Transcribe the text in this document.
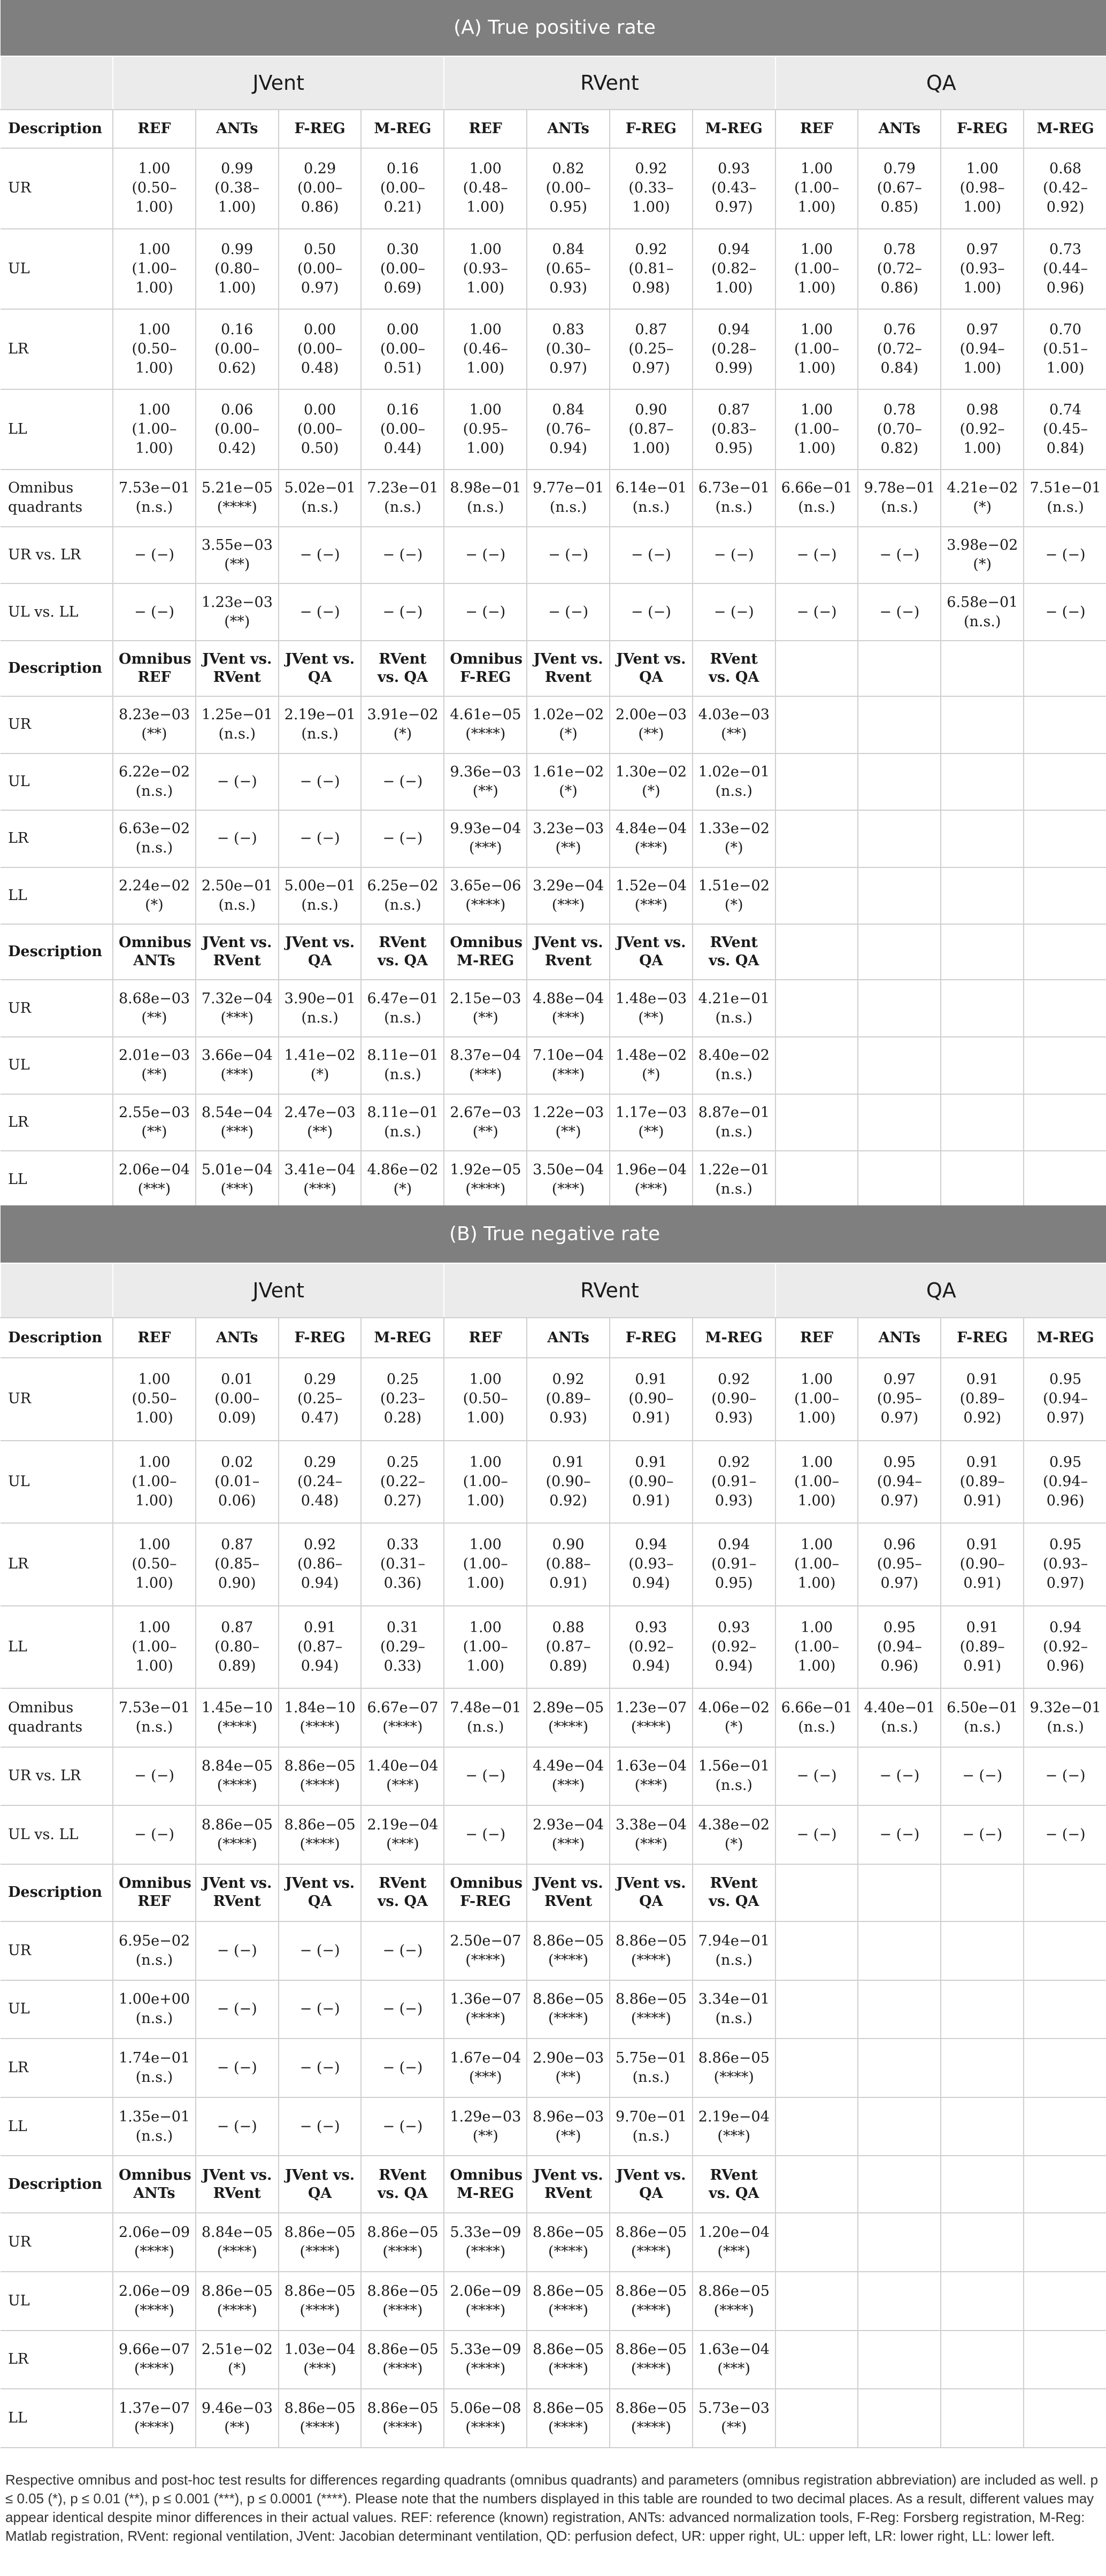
(A) True positive rate												
	JVent				RVent				QA			
Description	REF	ANTs	F-REG	M-REG	REF	ANTs	F-REG	M-REG	REF	ANTs	F-REG	M-REG
UR	1.00
(0.50–
1.00)	0.99
(0.38–
1.00)	0.29
(0.00–
0.86)	0.16
(0.00–
0.21)	1.00
(0.48–
1.00)	0.82
(0.00–
0.95)	0.92
(0.33–
1.00)	0.93
(0.43–
0.97)	1.00
(1.00–
1.00)	0.79
(0.67–
0.85)	1.00
(0.98–
1.00)	0.68
(0.42–
0.92)
UL	1.00
(1.00–
1.00)	0.99
(0.80–
1.00)	0.50
(0.00–
0.97)	0.30
(0.00–
0.69)	1.00
(0.93–
1.00)	0.84
(0.65–
0.93)	0.92
(0.81–
0.98)	0.94
(0.82–
1.00)	1.00
(1.00–
1.00)	0.78
(0.72–
0.86)	0.97
(0.93–
1.00)	0.73
(0.44–
0.96)
LR	1.00
(0.50–
1.00)	0.16
(0.00–
0.62)	0.00
(0.00–
0.48)	0.00
(0.00–
0.51)	1.00
(0.46–
1.00)	0.83
(0.30–
0.97)	0.87
(0.25–
0.97)	0.94
(0.28–
0.99)	1.00
(1.00–
1.00)	0.76
(0.72–
0.84)	0.97
(0.94–
1.00)	0.70
(0.51–
1.00)
LL	1.00
(1.00–
1.00)	0.06
(0.00–
0.42)	0.00
(0.00–
0.50)	0.16
(0.00–
0.44)	1.00
(0.95–
1.00)	0.84
(0.76–
0.94)	0.90
(0.87–
1.00)	0.87
(0.83–
0.95)	1.00
(1.00–
1.00)	0.78
(0.70–
0.82)	0.98
(0.92–
1.00)	0.74
(0.45–
0.84)
Omnibus quadrants	7.53e−01
(n.s.)	5.21e−05
(****)	5.02e−01
(n.s.)	7.23e−01
(n.s.)	8.98e−01
(n.s.)	9.77e−01
(n.s.)	6.14e−01
(n.s.)	6.73e−01
(n.s.)	6.66e−01
(n.s.)	9.78e−01
(n.s.)	4.21e−02
(*)	7.51e−01
(n.s.)
UR vs. LR	− (−)	3.55e−03
(**)	− (−)	− (−)	− (−)	− (−)	− (−)	− (−)	− (−)	− (−)	3.98e−02
(*)	− (−)
UL vs. LL	− (−)	1.23e−03
(**)	− (−)	− (−)	− (−)	− (−)	− (−)	− (−)	− (−)	− (−)	6.58e−01
(n.s.)	− (−)
Description	Omnibus REF	JVent vs. RVent	JVent vs. QA	RVent vs. QA	Omnibus F-REG	JVent vs. Rvent	JVent vs. QA	RVent vs. QA				
UR	8.23e−03
(**)	1.25e−01
(n.s.)	2.19e−01
(n.s.)	3.91e−02
(*)	4.61e−05
(****)	1.02e−02
(*)	2.00e−03
(**)	4.03e−03
(**)				
UL	6.22e−02
(n.s.)	− (−)	− (−)	− (−)	9.36e−03
(**)	1.61e−02
(*)	1.30e−02
(*)	1.02e−01
(n.s.)				
LR	6.63e−02
(n.s.)	− (−)	− (−)	− (−)	9.93e−04
(***)	3.23e−03
(**)	4.84e−04
(***)	1.33e−02
(*)				
LL	2.24e−02
(*)	2.50e−01
(n.s.)	5.00e−01
(n.s.)	6.25e−02
(n.s.)	3.65e−06
(****)	3.29e−04
(***)	1.52e−04
(***)	1.51e−02
(*)				
Description	Omnibus ANTs	JVent vs. RVent	JVent vs. QA	RVent vs. QA	Omnibus M-REG	JVent vs. Rvent	JVent vs. QA	RVent vs. QA				
UR	8.68e−03
(**)	7.32e−04
(***)	3.90e−01
(n.s.)	6.47e−01
(n.s.)	2.15e−03
(**)	4.88e−04
(***)	1.48e−03
(**)	4.21e−01
(n.s.)				
UL	2.01e−03
(**)	3.66e−04
(***)	1.41e−02
(*)	8.11e−01
(n.s.)	8.37e−04
(***)	7.10e−04
(***)	1.48e−02
(*)	8.40e−02
(n.s.)				
LR	2.55e−03
(**)	8.54e−04
(***)	2.47e−03
(**)	8.11e−01
(n.s.)	2.67e−03
(**)	1.22e−03
(**)	1.17e−03
(**)	8.87e−01
(n.s.)				
LL	2.06e−04
(***)	5.01e−04
(***)	3.41e−04
(***)	4.86e−02
(*)	1.92e−05
(****)	3.50e−04
(***)	1.96e−04
(***)	1.22e−01
(n.s.)				
(B) True negative rate												
	JVent				RVent				QA			
Description	REF	ANTs	F-REG	M-REG	REF	ANTs	F-REG	M-REG	REF	ANTs	F-REG	M-REG
UR	1.00
(0.50–
1.00)	0.01
(0.00–
0.09)	0.29
(0.25–
0.47)	0.25
(0.23–
0.28)	1.00
(0.50–
1.00)	0.92
(0.89–
0.93)	0.91
(0.90–
0.91)	0.92
(0.90–
0.93)	1.00
(1.00–
1.00)	0.97
(0.95–
0.97)	0.91
(0.89–
0.92)	0.95
(0.94–
0.97)
UL	1.00
(1.00–
1.00)	0.02
(0.01–
0.06)	0.29
(0.24–
0.48)	0.25
(0.22–
0.27)	1.00
(1.00–
1.00)	0.91
(0.90–
0.92)	0.91
(0.90–
0.91)	0.92
(0.91–
0.93)	1.00
(1.00–
1.00)	0.95
(0.94–
0.97)	0.91
(0.89–
0.91)	0.95
(0.94–
0.96)
LR	1.00
(0.50–
1.00)	0.87
(0.85–
0.90)	0.92
(0.86–
0.94)	0.33
(0.31–
0.36)	1.00
(1.00–
1.00)	0.90
(0.88–
0.91)	0.94
(0.93–
0.94)	0.94
(0.91–
0.95)	1.00
(1.00–
1.00)	0.96
(0.95–
0.97)	0.91
(0.90–
0.91)	0.95
(0.93–
0.97)
LL	1.00
(1.00–
1.00)	0.87
(0.80–
0.89)	0.91
(0.87–
0.94)	0.31
(0.29–
0.33)	1.00
(1.00–
1.00)	0.88
(0.87–
0.89)	0.93
(0.92–
0.94)	0.93
(0.92–
0.94)	1.00
(1.00–
1.00)	0.95
(0.94–
0.96)	0.91
(0.89–
0.91)	0.94
(0.92–
0.96)
Omnibus quadrants	7.53e−01
(n.s.)	1.45e−10
(****)	1.84e−10
(****)	6.67e−07
(****)	7.48e−01
(n.s.)	2.89e−05
(****)	1.23e−07
(****)	4.06e−02
(*)	6.66e−01
(n.s.)	4.40e−01
(n.s.)	6.50e−01
(n.s.)	9.32e−01
(n.s.)
UR vs. LR	− (−)	8.84e−05
(****)	8.86e−05
(****)	1.40e−04
(***)	− (−)	4.49e−04
(***)	1.63e−04
(***)	1.56e−01
(n.s.)	− (−)	− (−)	− (−)	− (−)
UL vs. LL	− (−)	8.86e−05
(****)	8.86e−05
(****)	2.19e−04
(***)	− (−)	2.93e−04
(***)	3.38e−04
(***)	4.38e−02
(*)	− (−)	− (−)	− (−)	− (−)
Description	Omnibus REF	JVent vs. RVent	JVent vs. QA	RVent vs. QA	Omnibus F-REG	JVent vs. RVent	JVent vs. QA	RVent vs. QA				
UR	6.95e−02
(n.s.)	− (−)	− (−)	− (−)	2.50e−07
(****)	8.86e−05
(****)	8.86e−05
(****)	7.94e−01
(n.s.)				
UL	1.00e+00
(n.s.)	− (−)	− (−)	− (−)	1.36e−07
(****)	8.86e−05
(****)	8.86e−05
(****)	3.34e−01
(n.s.)				
LR	1.74e−01
(n.s.)	− (−)	− (−)	− (−)	1.67e−04
(***)	2.90e−03
(**)	5.75e−01
(n.s.)	8.86e−05
(****)				
LL	1.35e−01
(n.s.)	− (−)	− (−)	− (−)	1.29e−03
(**)	8.96e−03
(**)	9.70e−01
(n.s.)	2.19e−04
(***)				
Description	Omnibus ANTs	JVent vs. RVent	JVent vs. QA	RVent vs. QA	Omnibus M-REG	JVent vs. RVent	JVent vs. QA	RVent vs. QA				
UR	2.06e−09
(****)	8.84e−05
(****)	8.86e−05
(****)	8.86e−05
(****)	5.33e−09
(****)	8.86e−05
(****)	8.86e−05
(****)	1.20e−04
(***)				
UL	2.06e−09
(****)	8.86e−05
(****)	8.86e−05
(****)	8.86e−05
(****)	2.06e−09
(****)	8.86e−05
(****)	8.86e−05
(****)	8.86e−05
(****)				
LR	9.66e−07
(****)	2.51e−02
(*)	1.03e−04
(***)	8.86e−05
(****)	5.33e−09
(****)	8.86e−05
(****)	8.86e−05
(****)	1.63e−04
(***)				
LL	1.37e−07
(****)	9.46e−03
(**)	8.86e−05
(****)	8.86e−05
(****)	5.06e−08
(****)	8.86e−05
(****)	8.86e−05
(****)	5.73e−03
(**)				

Respective omnibus and post-hoc test results for differences regarding quadrants (omnibus quadrants) and parameters (omnibus registration abbreviation) are included as well. p ≤ 0.05 (*), p ≤ 0.01 (**), p ≤ 0.001 (***), p ≤ 0.0001 (****). Please note that the numbers displayed in this table are rounded to two decimal places. As a result, different values may appear identical despite minor differences in their actual values. REF: reference (known) registration, ANTs: advanced normalization tools, F-Reg: Forsberg registration, M-Reg: Matlab registration, RVent: regional ventilation, JVent: Jacobian determinant ventilation, QD: perfusion defect, UR: upper right, UL: upper left, LR: lower right, LL: lower left.
